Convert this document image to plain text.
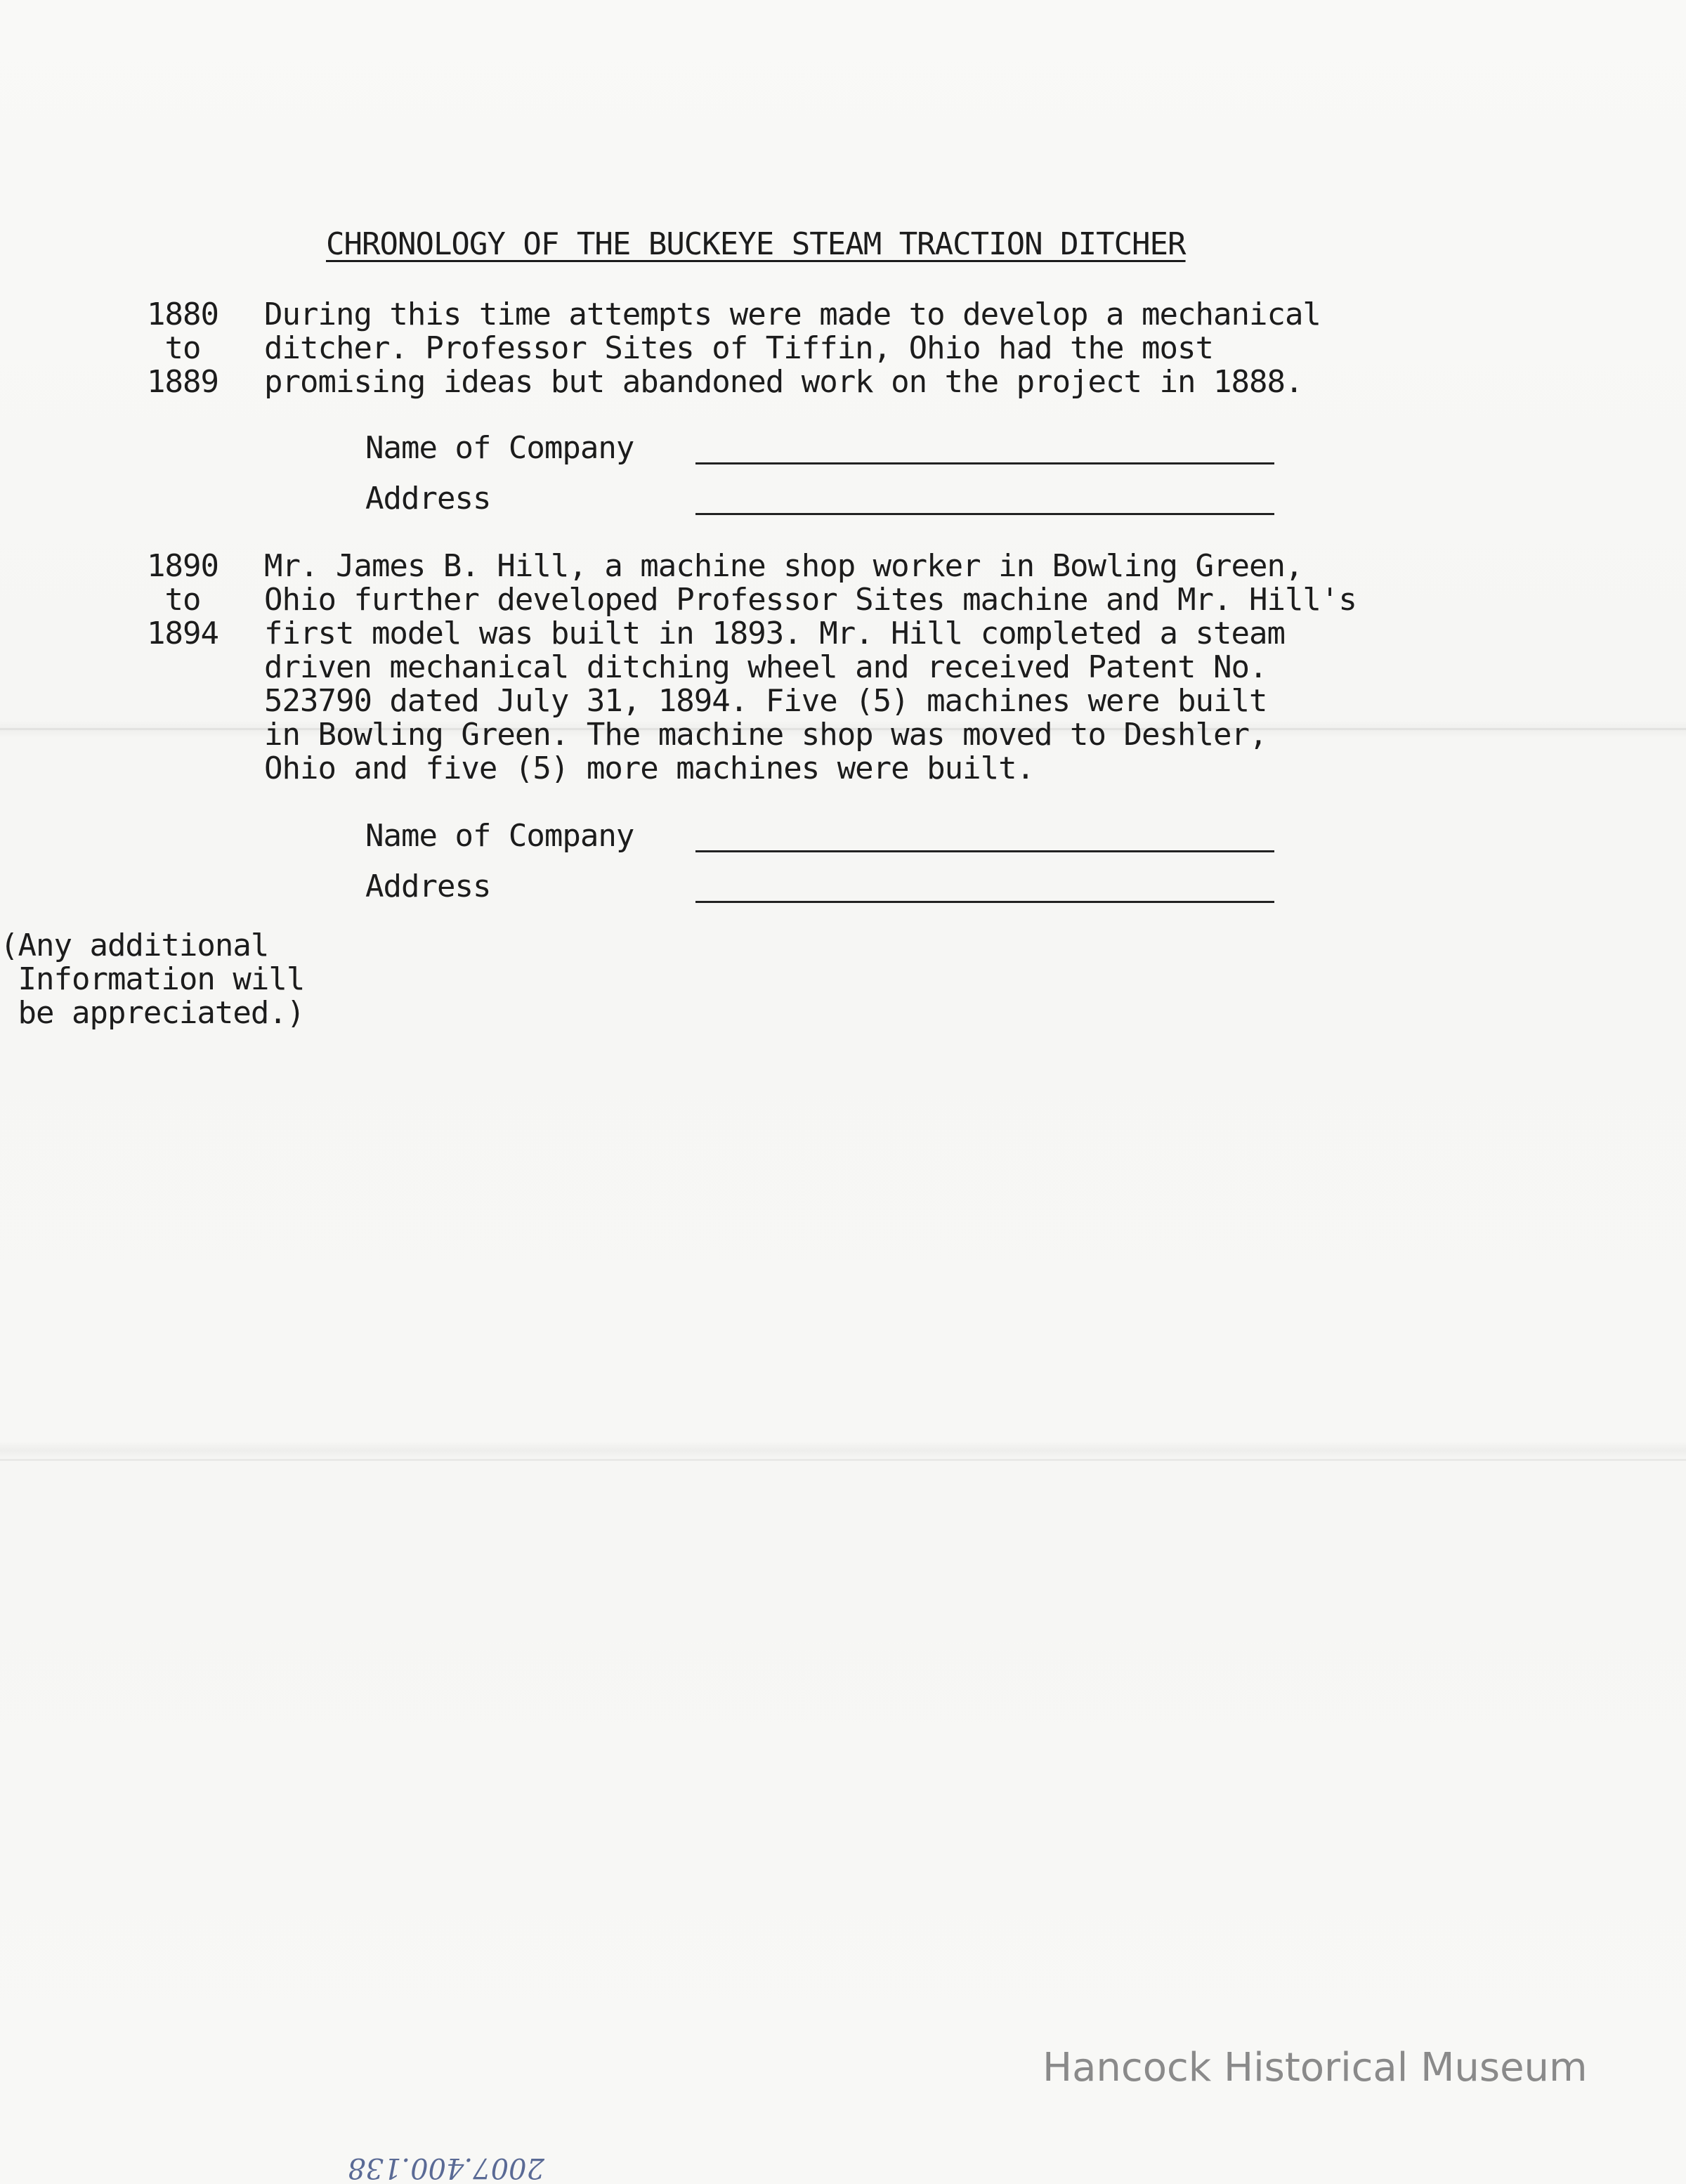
CHRONOLOGY OF THE BUCKEYE STEAM TRACTION DITCHER
1880
to
1889
During this time attempts were made to develop a mechanical
ditcher. Professor Sites of Tiffin, Ohio had the most
promising ideas but abandoned work on the project in 1888.
Name of Company
Address
1890
to
1894
Mr. James B. Hill, a machine shop worker in Bowling Green,
Ohio further developed Professor Sites machine and Mr. Hill's
first model was built in 1893. Mr. Hill completed a steam
driven mechanical ditching wheel and received Patent No.
523790 dated July 31, 1894. Five (5) machines were built
in Bowling Green. The machine shop was moved to Deshler,
Ohio and five (5) more machines were built.
Name of Company
Address
(Any additional
Information will
be appreciated.)
Hancock Historical Museum
2007.400.138
